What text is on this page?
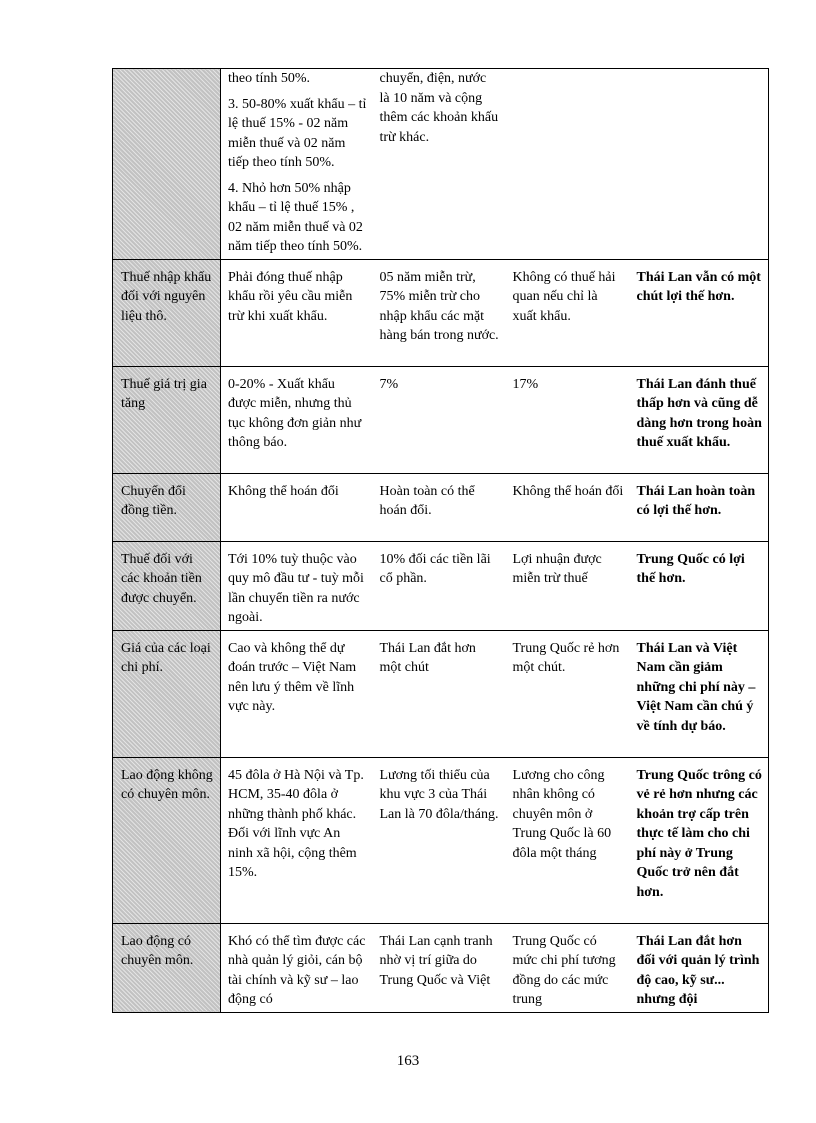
	theo tính 50%.

3. 50-80% xuất khẩu – tỉ lệ thuế 15% - 02 năm miễn thuế và 02 năm tiếp theo tính 50%.

4. Nhỏ hơn 50% nhập khẩu – tỉ lệ thuế 15% , 02 năm miễn thuế và 02 năm tiếp theo tính 50%.	chuyển, điện, nước là 10 năm và cộng thêm các khoản khấu trừ khác.		
Thuế nhập khẩu đối với nguyên liệu thô.	Phải đóng thuế nhập khẩu rồi yêu cầu miễn trừ khi xuất khẩu.	05 năm miễn trừ, 75% miễn trừ cho nhập khẩu các mặt hàng bán trong nước.	Không có thuế hải quan nếu chỉ là xuất khẩu.	Thái Lan vẫn có một chút lợi thế hơn.
Thuế giá trị gia tăng	0-20% - Xuất khẩu được miễn, nhưng thủ tục không đơn giản như thông báo.	7%	17%	Thái Lan đánh thuế thấp hơn và cũng dễ dàng hơn trong hoàn thuế xuất khẩu.
Chuyển đổi đồng tiền.	Không thể hoán đổi	Hoàn toàn có thể hoán đổi.	Không thể hoán đổi	Thái Lan hoàn toàn có lợi thế hơn.
Thuế đối với các khoản tiền được chuyển.	Tới 10% tuỳ thuộc vào quy mô đầu tư - tuỳ mỗi lần chuyển tiền ra nước ngoài.	10% đối các tiền lãi cổ phần.	Lợi nhuận được miễn trừ thuế	Trung Quốc có lợi thế hơn.
Giá của các loại chi phí.	Cao và không thể dự đoán trước – Việt Nam nên lưu ý thêm về lĩnh vực này.	Thái Lan đắt hơn một chút	Trung Quốc rẻ hơn một chút.	Thái Lan và Việt Nam cần giảm những chi phí này – Việt Nam cần chú ý về tính dự báo.
Lao động không có chuyên môn.	45 đôla ở Hà Nội và Tp. HCM, 35-40 đôla ở những thành phố khác. Đối với lĩnh vực An ninh xã hội, cộng thêm 15%.	Lương tối thiểu của khu vực 3 của Thái Lan là 70 đôla/tháng.	Lương cho công nhân không có chuyên môn ở Trung Quốc là 60 đôla một tháng	Trung Quốc trông có vẻ rẻ hơn nhưng các khoản trợ cấp trên thực tế làm cho chi phí này ở Trung Quốc trở nên đắt hơn.
Lao động có chuyên môn.	Khó có thể tìm được các nhà quản lý giỏi, cán bộ tài chính và kỹ sư – lao động có	Thái Lan cạnh tranh nhờ vị trí giữa do Trung Quốc và Việt	Trung Quốc có mức chi phí tương đồng do các mức trung	Thái Lan đắt hơn đối với quản lý trình độ cao, kỹ sư... nhưng đội
163
